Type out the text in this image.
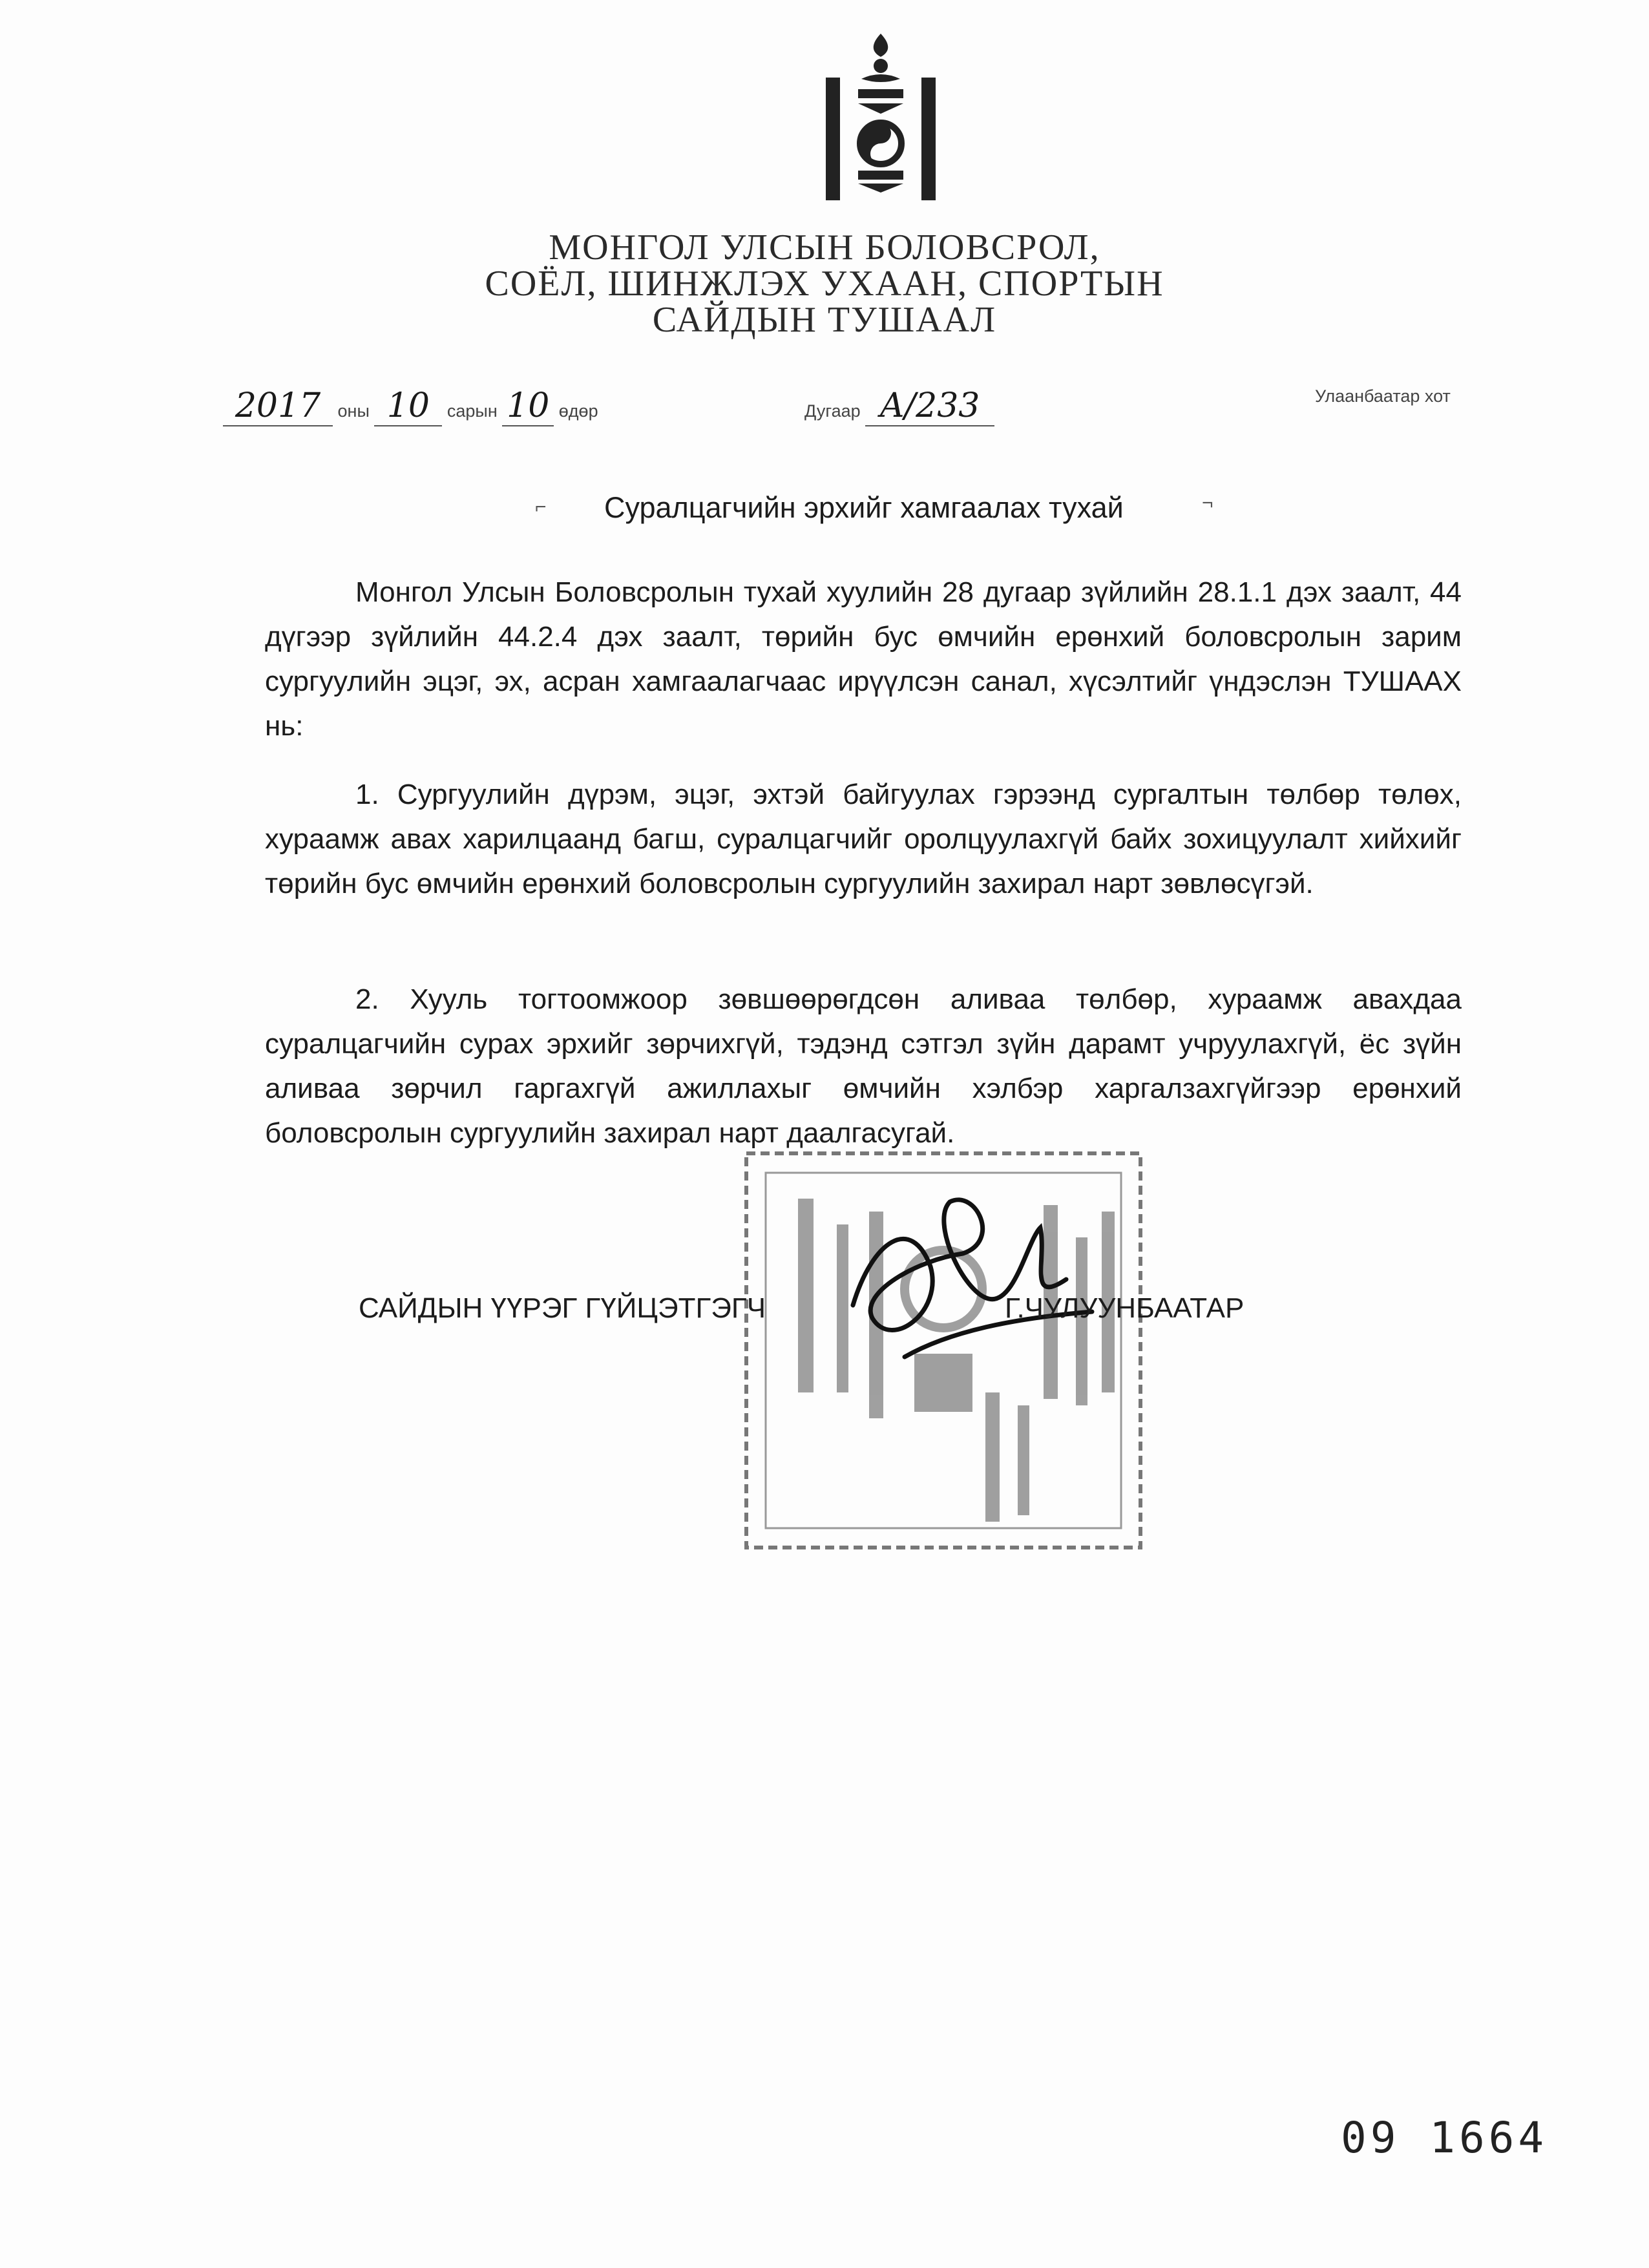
МОНГОЛ УЛСЫН БОЛОВСРОЛ,
СОЁЛ, ШИНЖЛЭХ УХААН, СПОРТЫН
САЙДЫН ТУШААЛ
2017 оны 10 сарын 10 өдөр	Дугаар A/233	Улаанбаатар хот
⌐ Суралцагчийн эрхийг хамгаалах тухай	¬

Монгол Улсын Боловсролын тухай хуулийн 28 дугаар зүйлийн 28.1.1 дэх заалт, 44 дүгээр зүйлийн 44.2.4 дэх заалт, төрийн бус өмчийн ерөнхий боловсролын зарим сургуулийн эцэг, эх, асран хамгаалагчаас ирүүлсэн санал, хүсэлтийг үндэслэн ТУШААХ нь:

1. Сургуулийн дүрэм, эцэг, эхтэй байгуулах гэрээнд сургалтын төлбөр төлөх, хураамж авах харилцаанд багш, суралцагчийг оролцуулахгүй байх зохицуулалт хийхийг төрийн бус өмчийн ерөнхий боловсролын сургуулийн захирал нарт зөвлөсүгэй.

2. Хууль тогтоомжоор зөвшөөрөгдсөн аливаа төлбөр, хураамж авахдаа суралцагчийн сурах эрхийг зөрчихгүй, тэдэнд сэтгэл зүйн дарамт учруулахгүй, ёс зүйн аливаа зөрчил гаргахгүй ажиллахыг өмчийн хэлбэр харгалзахгүйгээр ерөнхий боловсролын сургуулийн захирал нарт даалгасугай.

САЙДЫН ҮҮРЭГ ГҮЙЦЭТГЭГЧ	Г.ЧУЛУУНБААТАР
09 1664
